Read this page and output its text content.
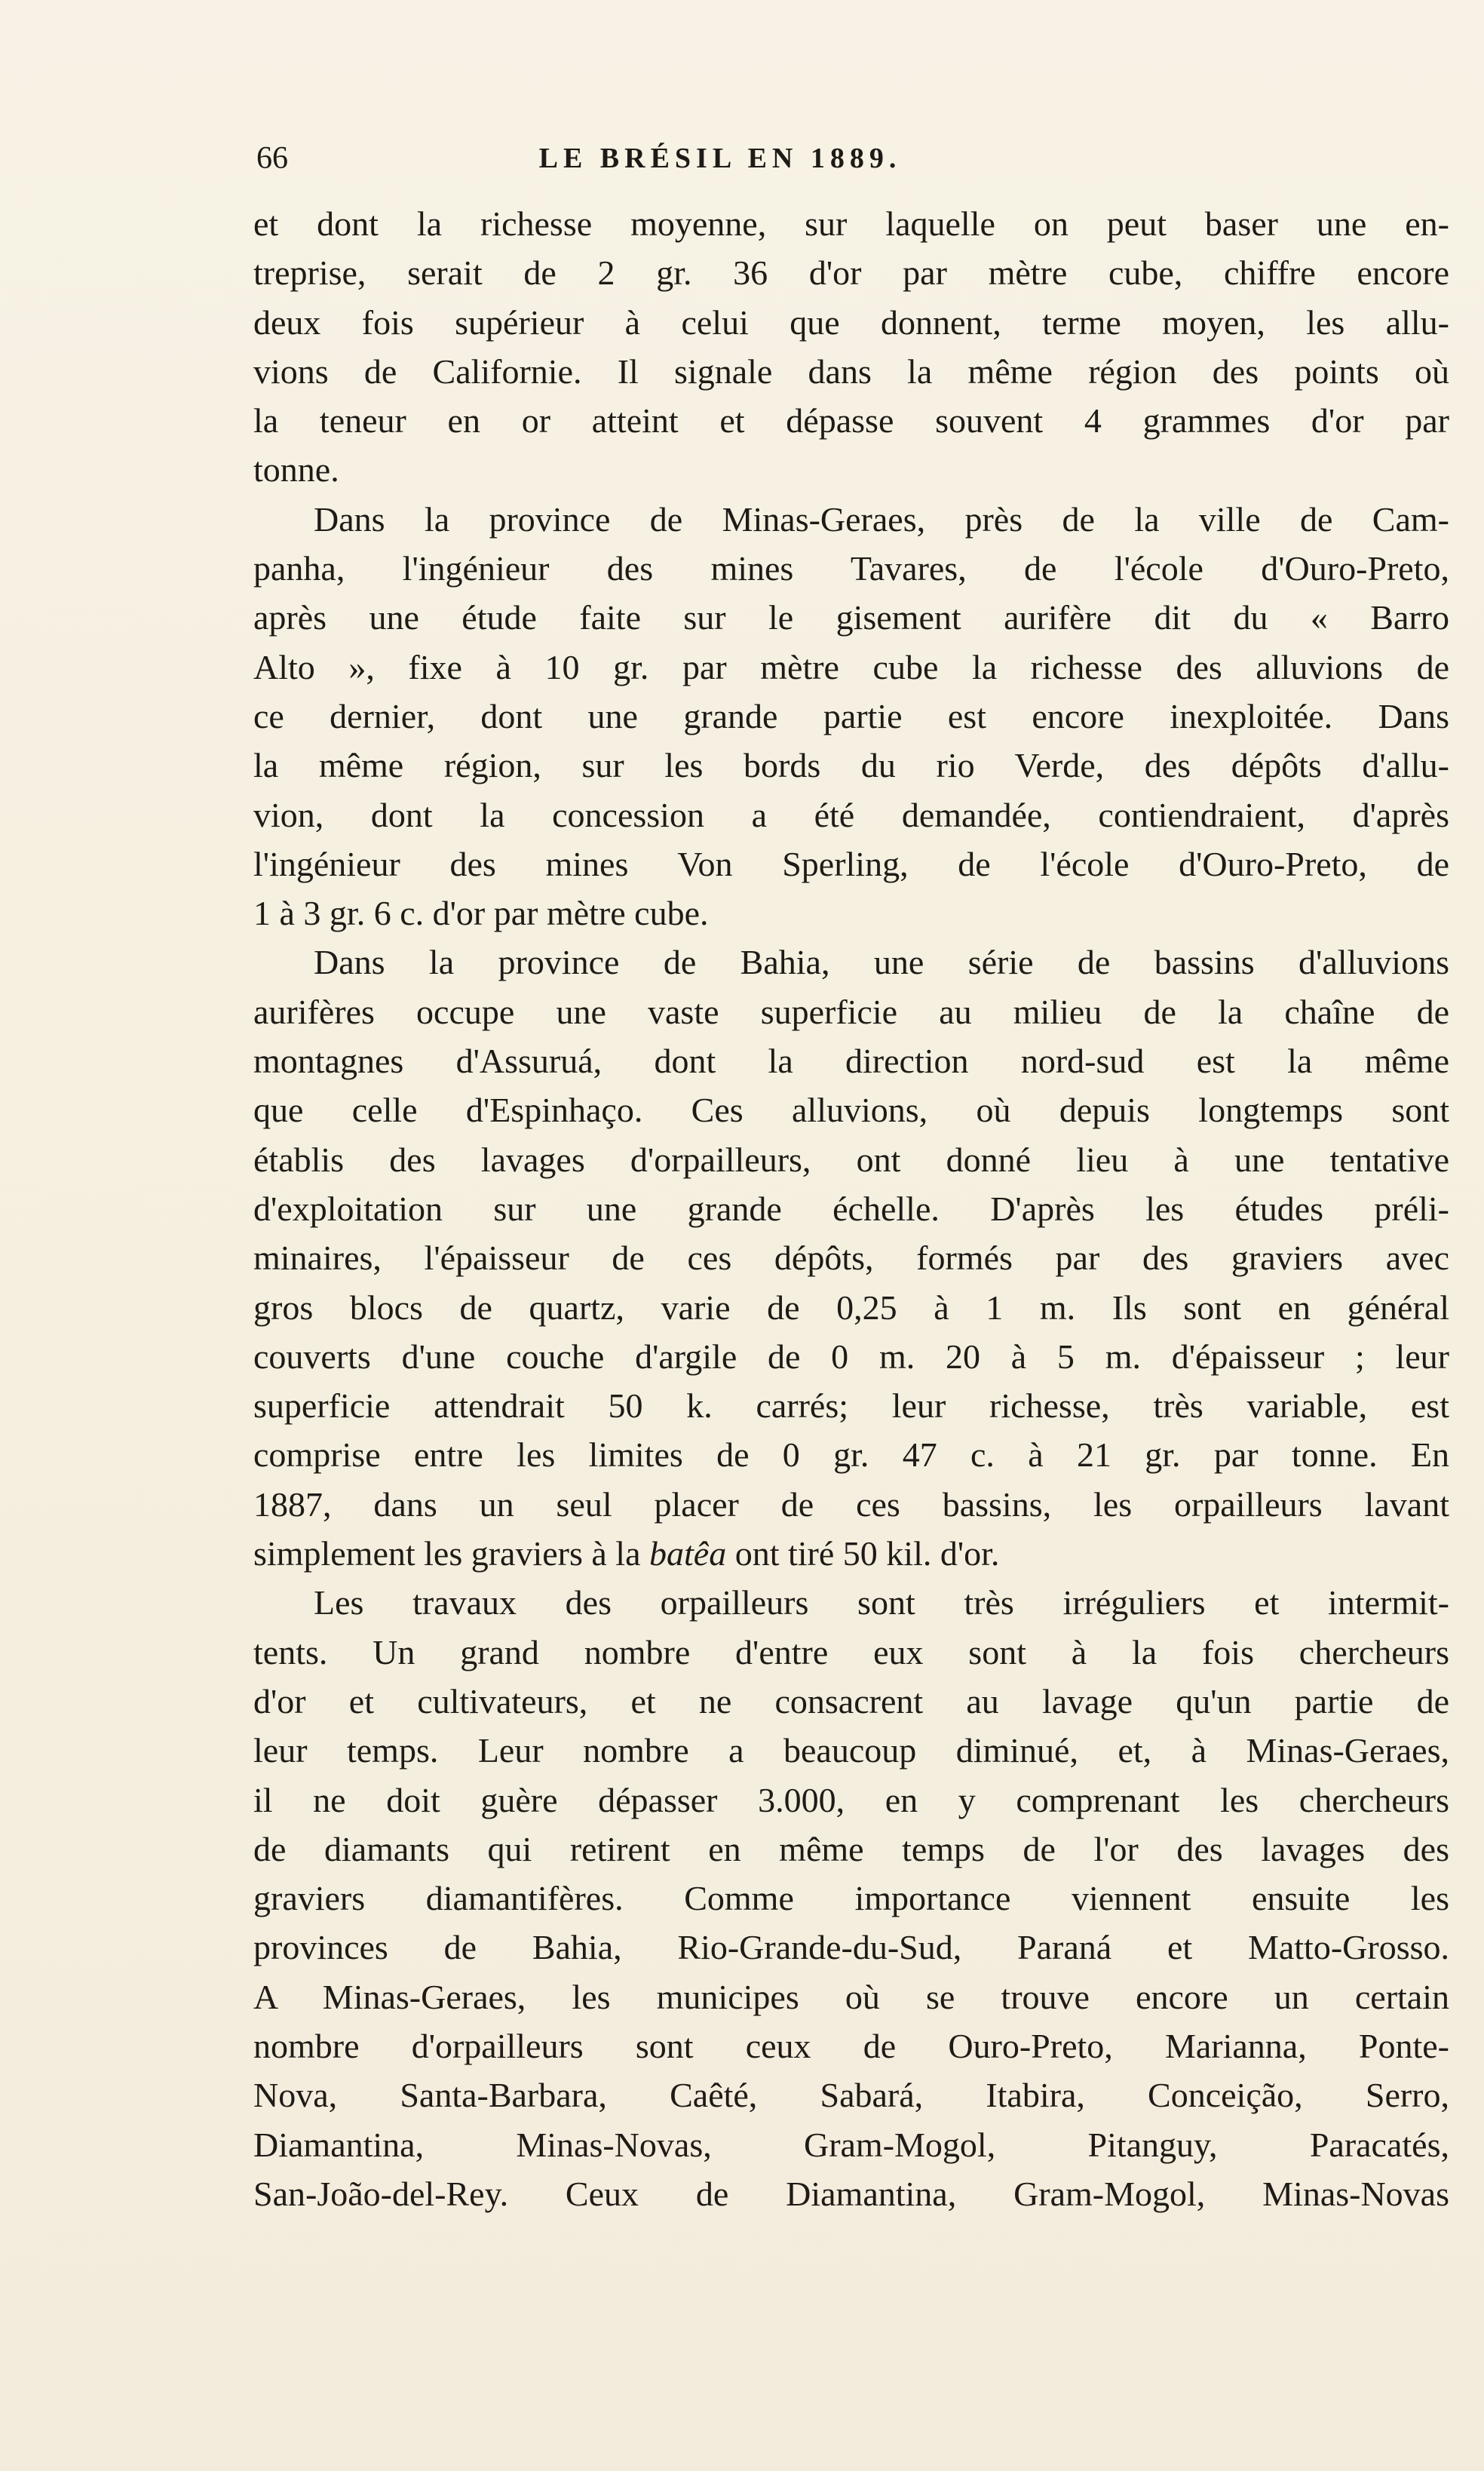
66	LE BRÉSIL EN 1889.
et dont la richesse moyenne, sur laquelle on peut baser une en-
treprise, serait de 2 gr. 36 d'or par mètre cube, chiffre encore
deux fois supérieur à celui que donnent, terme moyen, les allu-
vions de Californie. Il signale dans la même région des points où
la teneur en or atteint et dépasse souvent 4 grammes d'or par
tonne.
Dans la province de Minas-Geraes, près de la ville de Cam-
panha, l'ingénieur des mines Tavares, de l'école d'Ouro-Preto,
après une étude faite sur le gisement aurifère dit du « Barro
Alto », fixe à 10 gr. par mètre cube la richesse des alluvions de
ce dernier, dont une grande partie est encore inexploitée. Dans
la même région, sur les bords du rio Verde, des dépôts d'allu-
vion, dont la concession a été demandée, contiendraient, d'après
l'ingénieur des mines Von Sperling, de l'école d'Ouro-Preto, de
1 à 3 gr. 6 c. d'or par mètre cube.
Dans la province de Bahia, une série de bassins d'alluvions
aurifères occupe une vaste superficie au milieu de la chaîne de
montagnes d'Assuruá, dont la direction nord-sud est la même
que celle d'Espinhaço. Ces alluvions, où depuis longtemps sont
établis des lavages d'orpailleurs, ont donné lieu à une tentative
d'exploitation sur une grande échelle. D'après les études préli-
minaires, l'épaisseur de ces dépôts, formés par des graviers avec
gros blocs de quartz, varie de 0,25 à 1 m. Ils sont en général
couverts d'une couche d'argile de 0 m. 20 à 5 m. d'épaisseur ; leur
superficie attendrait 50 k. carrés; leur richesse, très variable, est
comprise entre les limites de 0 gr. 47 c. à 21 gr. par tonne. En
1887, dans un seul placer de ces bassins, les orpailleurs lavant
simplement les graviers à la batêa ont tiré 50 kil. d'or.
Les travaux des orpailleurs sont très irréguliers et intermit-
tents. Un grand nombre d'entre eux sont à la fois chercheurs
d'or et cultivateurs, et ne consacrent au lavage qu'un partie de
leur temps. Leur nombre a beaucoup diminué, et, à Minas-Geraes,
il ne doit guère dépasser 3.000, en y comprenant les chercheurs
de diamants qui retirent en même temps de l'or des lavages des
graviers diamantifères. Comme importance viennent ensuite les
provinces de Bahia, Rio-Grande-du-Sud, Paraná et Matto-Grosso.
A Minas-Geraes, les municipes où se trouve encore un certain
nombre d'orpailleurs sont ceux de Ouro-Preto, Marianna, Ponte-
Nova, Santa-Barbara, Caêté, Sabará, Itabira, Conceição, Serro,
Diamantina, Minas-Novas, Gram-Mogol, Pitanguy, Paracatés,
San-João-del-Rey. Ceux de Diamantina, Gram-Mogol, Minas-Novas
